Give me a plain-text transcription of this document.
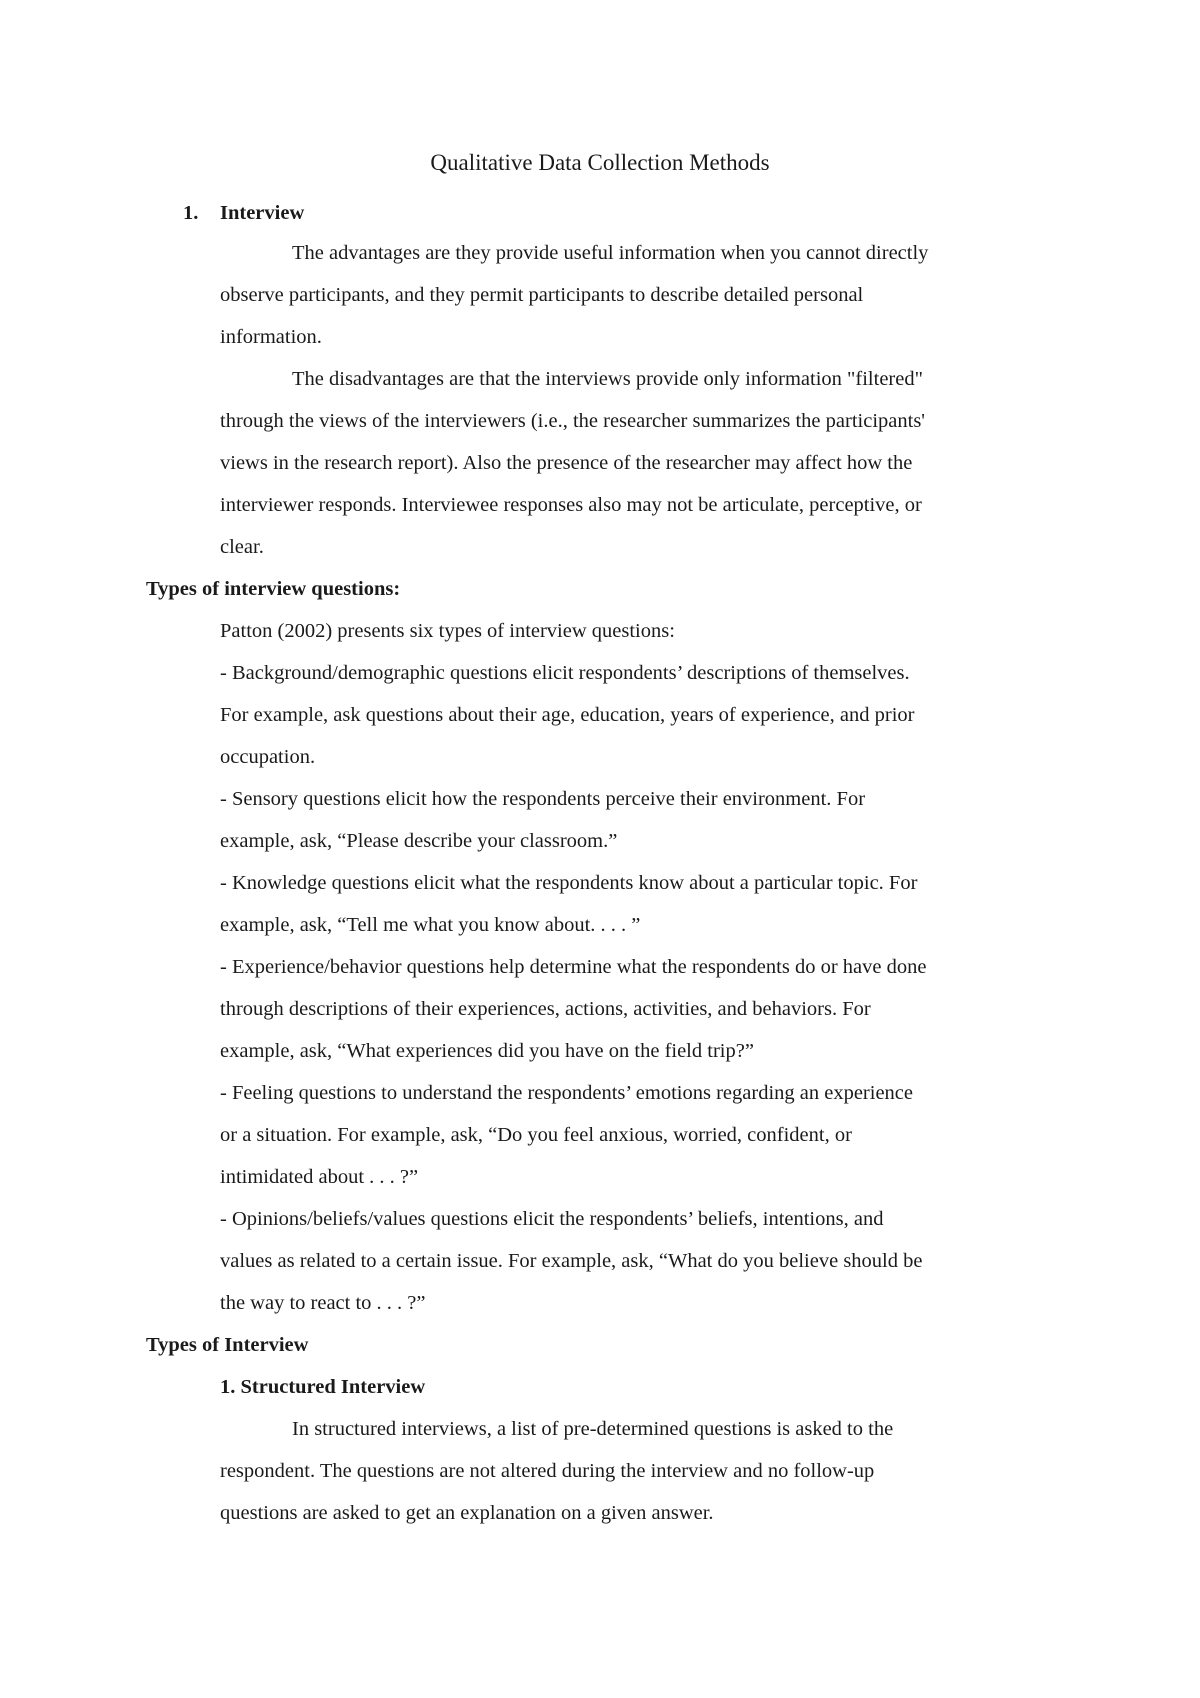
Qualitative Data Collection Methods
1. Interview
The advantages are they provide useful information when you cannot directly
observe participants, and they permit participants to describe detailed personal
information.
The disadvantages are that the interviews provide only information "filtered"
through the views of the interviewers (i.e., the researcher summarizes the participants'
views in the research report). Also the presence of the researcher may affect how the
interviewer responds. Interviewee responses also may not be articulate, perceptive, or
clear.
Types of interview questions:
Patton (2002) presents six types of interview questions:
- Background/demographic questions elicit respondents’ descriptions of themselves.
For example, ask questions about their age, education, years of experience, and prior
occupation.
- Sensory questions elicit how the respondents perceive their environment. For
example, ask, “Please describe your classroom.”
- Knowledge questions elicit what the respondents know about a particular topic. For
example, ask, “Tell me what you know about. . . . ”
- Experience/behavior questions help determine what the respondents do or have done
through descriptions of their experiences, actions, activities, and behaviors. For
example, ask, “What experiences did you have on the field trip?”
- Feeling questions to understand the respondents’ emotions regarding an experience
or a situation. For example, ask, “Do you feel anxious, worried, confident, or
intimidated about . . . ?”
- Opinions/beliefs/values questions elicit the respondents’ beliefs, intentions, and
values as related to a certain issue. For example, ask, “What do you believe should be
the way to react to . . . ?”
Types of Interview
1. Structured Interview
In structured interviews, a list of pre-determined questions is asked to the
respondent. The questions are not altered during the interview and no follow-up
questions are asked to get an explanation on a given answer.
